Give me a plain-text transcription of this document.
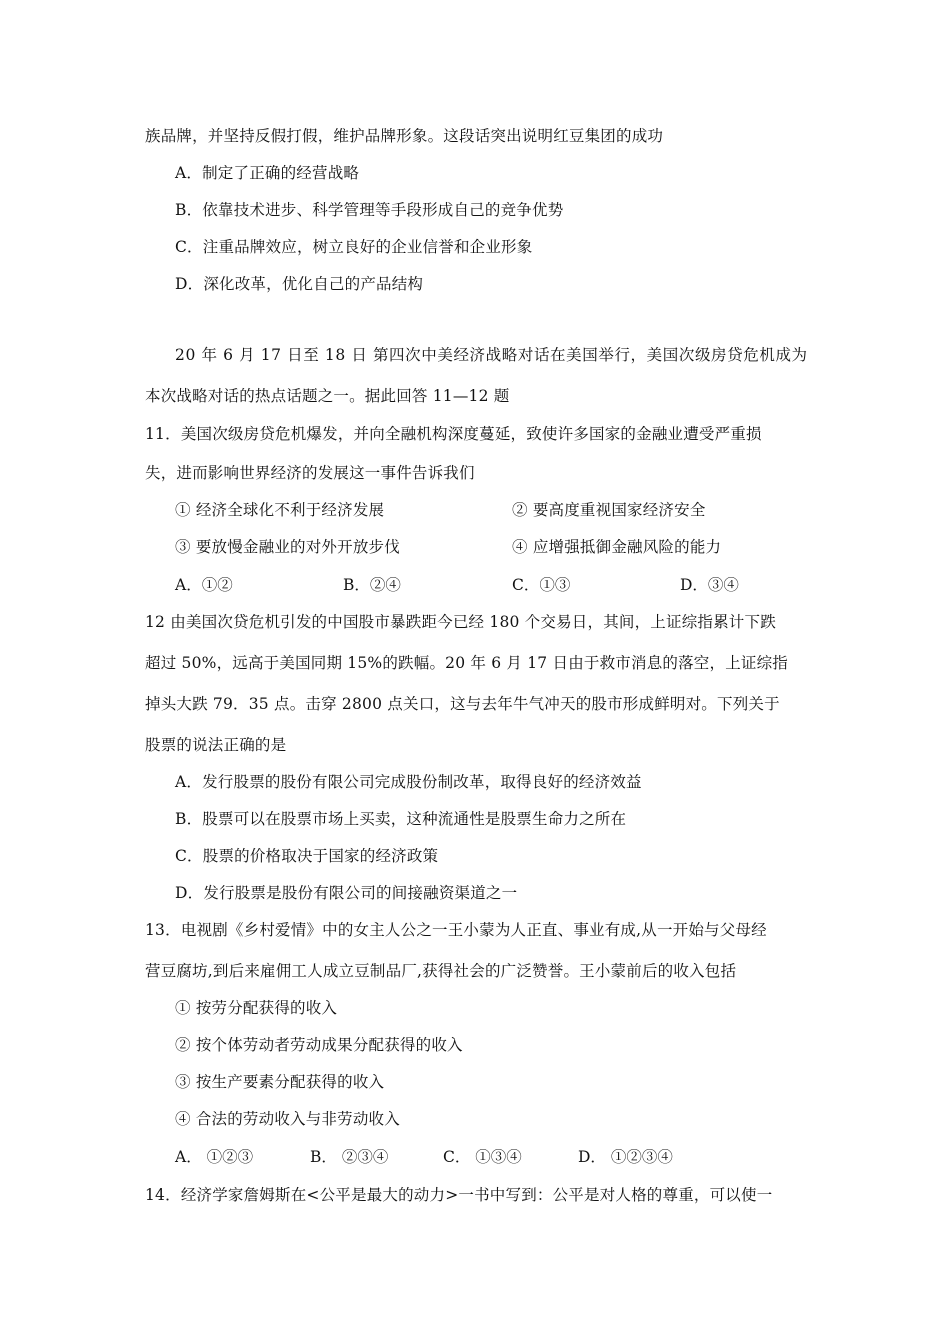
族品牌，并坚持反假打假，维护品牌形象。这段话突出说明红豆集团的成功
A．制定了正确的经营战略
B．依靠技术进步、科学管理等手段形成自己的竞争优势
C．注重品牌效应，树立良好的企业信誉和企业形象
D．深化改革，优化自己的产品结构
20 年 6 月 17 日至 18 日 第四次中美经济战略对话在美国举行，美国次级房贷危机成为
本次战略对话的热点话题之一。据此回答 11—12 题
11．美国次级房贷危机爆发，并向全融机构深度蔓延，致使许多国家的金融业遭受严重损
失，进而影响世界经济的发展这一事件告诉我们
① 经济全球化不利于经济发展	② 要高度重视国家经济安全
③ 要放慢金融业的对外开放步伐	④ 应增强抵御金融风险的能力
A．①②	B．②④	C．①③	D．③④
12 由美国次贷危机引发的中国股市暴跌距今已经 180 个交易日，其间，上证综指累计下跌
超过 50%，远高于美国同期 15%的跌幅。20 年 6 月 17 日由于救市消息的落空，上证综指
掉头大跌 79．35 点。击穿 2800 点关口，这与去年牛气冲天的股市形成鲜明对。下列关于
股票的说法正确的是
A．发行股票的股份有限公司完成股份制改革，取得良好的经济效益
B．股票可以在股票市场上买卖，这种流通性是股票生命力之所在
C．股票的价格取决于国家的经济政策
D．发行股票是股份有限公司的间接融资渠道之一
13．电视剧《乡村爱情》中的女主人公之一王小蒙为人正直、事业有成,从一开始与父母经
营豆腐坊,到后来雇佣工人成立豆制品厂,获得社会的广泛赞誉。王小蒙前后的收入包括
① 按劳分配获得的收入
② 按个体劳动者劳动成果分配获得的收入
③ 按生产要素分配获得的收入
④ 合法的劳动收入与非劳动收入
A． ①②③	B． ②③④	C． ①③④	D． ①②③④
14．经济学家詹姆斯在<公平是最大的动力>一书中写到：公平是对人格的尊重，可以使一
